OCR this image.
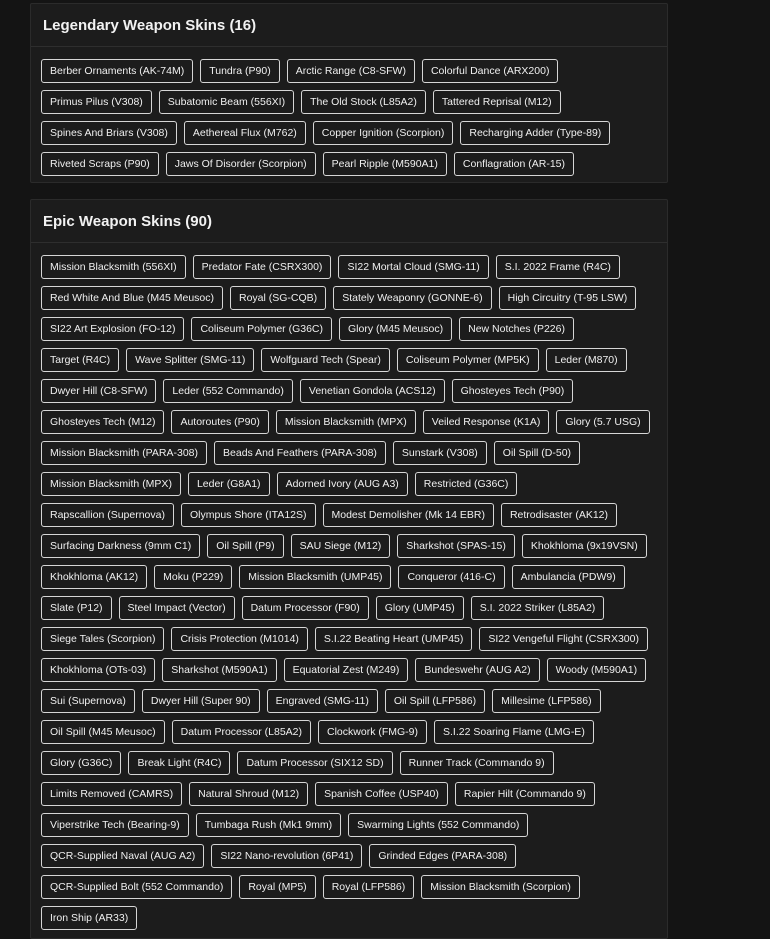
Legendary Weapon Skins (16)
Berber Ornaments (AK-74M)	Tundra (P90)	Arctic Range (C8-SFW)	Colorful Dance (ARX200)
Primus Pilus (V308)	Subatomic Beam (556XI)	The Old Stock (L85A2)	Tattered Reprisal (M12)
Spines And Briars (V308)	Aethereal Flux (M762)	Copper Ignition (Scorpion)	Recharging Adder (Type-89)
Riveted Scraps (P90)	Jaws Of Disorder (Scorpion)	Pearl Ripple (M590A1)	Conflagration (AR-15)
Epic Weapon Skins (90)
Mission Blacksmith (556XI)	Predator Fate (CSRX300)	SI22 Mortal Cloud (SMG-11)	S.I. 2022 Frame (R4C)
Red White And Blue (M45 Meusoc)	Royal (SG-CQB)	Stately Weaponry (GONNE-6)	High Circuitry (T-95 LSW)
SI22 Art Explosion (FO-12)	Coliseum Polymer (G36C)	Glory (M45 Meusoc)	New Notches (P226)
Target (R4C)	Wave Splitter (SMG-11)	Wolfguard Tech (Spear)	Coliseum Polymer (MP5K)	Leder (M870)
Dwyer Hill (C8-SFW)	Leder (552 Commando)	Venetian Gondola (ACS12)	Ghosteyes Tech (P90)
Ghosteyes Tech (M12)	Autoroutes (P90)	Mission Blacksmith (MPX)	Veiled Response (K1A)	Glory (5.7 USG)
Mission Blacksmith (PARA-308)	Beads And Feathers (PARA-308)	Sunstark (V308)	Oil Spill (D-50)
Mission Blacksmith (MPX)	Leder (G8A1)	Adorned Ivory (AUG A3)	Restricted (G36C)
Rapscallion (Supernova)	Olympus Shore (ITA12S)	Modest Demolisher (Mk 14 EBR)	Retrodisaster (AK12)
Surfacing Darkness (9mm C1)	Oil Spill (P9)	SAU Siege (M12)	Sharkshot (SPAS-15)	Khokhloma (9x19VSN)
Khokhloma (AK12)	Moku (P229)	Mission Blacksmith (UMP45)	Conqueror (416-C)	Ambulancia (PDW9)
Slate (P12)	Steel Impact (Vector)	Datum Processor (F90)	Glory (UMP45)	S.I. 2022 Striker (L85A2)
Siege Tales (Scorpion)	Crisis Protection (M1014)	S.I.22 Beating Heart (UMP45)	SI22 Vengeful Flight (CSRX300)
Khokhloma (OTs-03)	Sharkshot (M590A1)	Equatorial Zest (M249)	Bundeswehr (AUG A2)	Woody (M590A1)
Sui (Supernova)	Dwyer Hill (Super 90)	Engraved (SMG-11)	Oil Spill (LFP586)	Millesime (LFP586)
Oil Spill (M45 Meusoc)	Datum Processor (L85A2)	Clockwork (FMG-9)	S.I.22 Soaring Flame (LMG-E)
Glory (G36C)	Break Light (R4C)	Datum Processor (SIX12 SD)	Runner Track (Commando 9)
Limits Removed (CAMRS)	Natural Shroud (M12)	Spanish Coffee (USP40)	Rapier Hilt (Commando 9)
Viperstrike Tech (Bearing-9)	Tumbaga Rush (Mk1 9mm)	Swarming Lights (552 Commando)
QCR-Supplied Naval (AUG A2)	SI22 Nano-revolution (6P41)	Grinded Edges (PARA-308)
QCR-Supplied Bolt (552 Commando)	Royal (MP5)	Royal (LFP586)	Mission Blacksmith (Scorpion)
Iron Ship (AR33)
